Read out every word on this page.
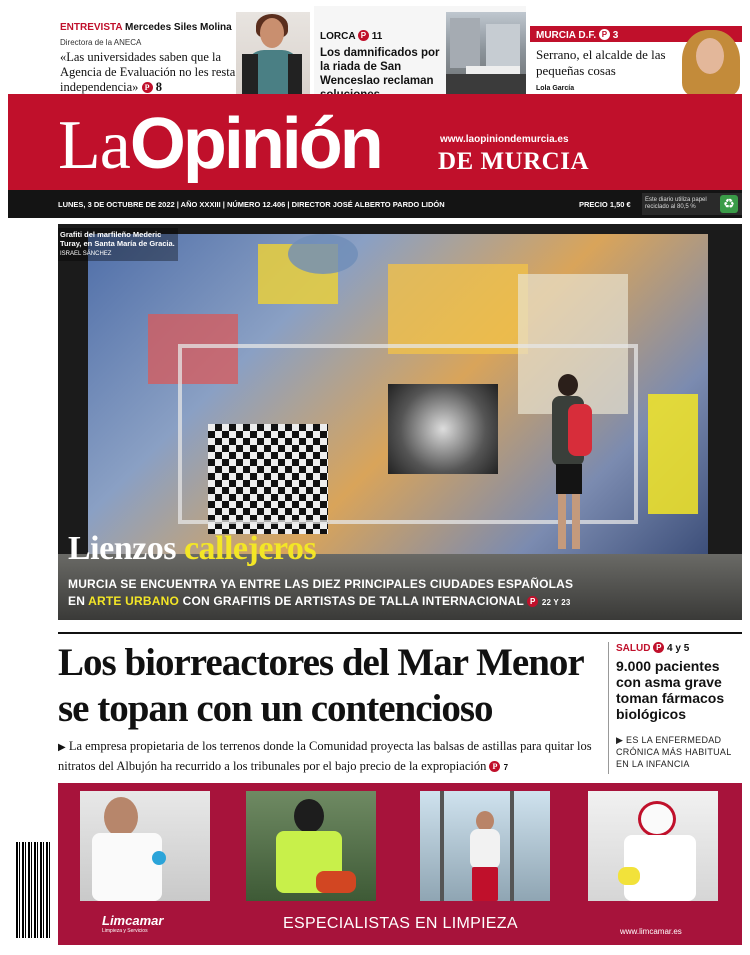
ENTREVISTA Mercedes Siles Molina
Directora de la ANECA
«Las universidades saben que la Agencia de Evaluación no les resta independencia» P 8
LORCA P 11
Los damnificados por la riada de San Wenceslao reclaman
MURCIA D.F. P 3
Serrano, el alcalde de las pequeñas cosas
Lola García
LaOpinión	www.laopiniondemurcia.es
DE MURCIA
LUNES, 3 DE OCTUBRE DE 2022 | AÑO XXXIII | NÚMERO 12.406 | DIRECTOR JOSÉ ALBERTO PARDO LIDÓN	PRECIO 1,50 € Este diario utiliza papel reciclado al 80,5 %	♻
Grafiti del marfileño Mederic Turay, en Santa María de Gracia. ISRAEL SÁNCHEZ
Lienzos callejeros
MURCIA SE ENCUENTRA YA ENTRE LAS DIEZ PRINCIPALES CIUDADES ESPAÑOLAS EN ARTE URBANO CON GRAFITIS DE ARTISTAS DE TALLA INTERNACIONAL P 22 Y 23
Los biorreactores del Mar Menor se topan con un contencioso
▶ La empresa propietaria de los terrenos donde la Comunidad proyecta las balsas de astillas para quitar los nitratos del Albujón ha recurrido a los tribunales por el bajo precio de la expropiación P 7
SALUD P 4 y 5
9.000 pacientes con asma grave toman fármacos biológicos
▶ ES LA ENFERMEDAD CRÓNICA MÁS HABITUAL EN LA INFANCIA
Limcamar
Limpieza y Servicios	ESPECIALISTAS EN LIMPIEZA	www.limcamar.es
